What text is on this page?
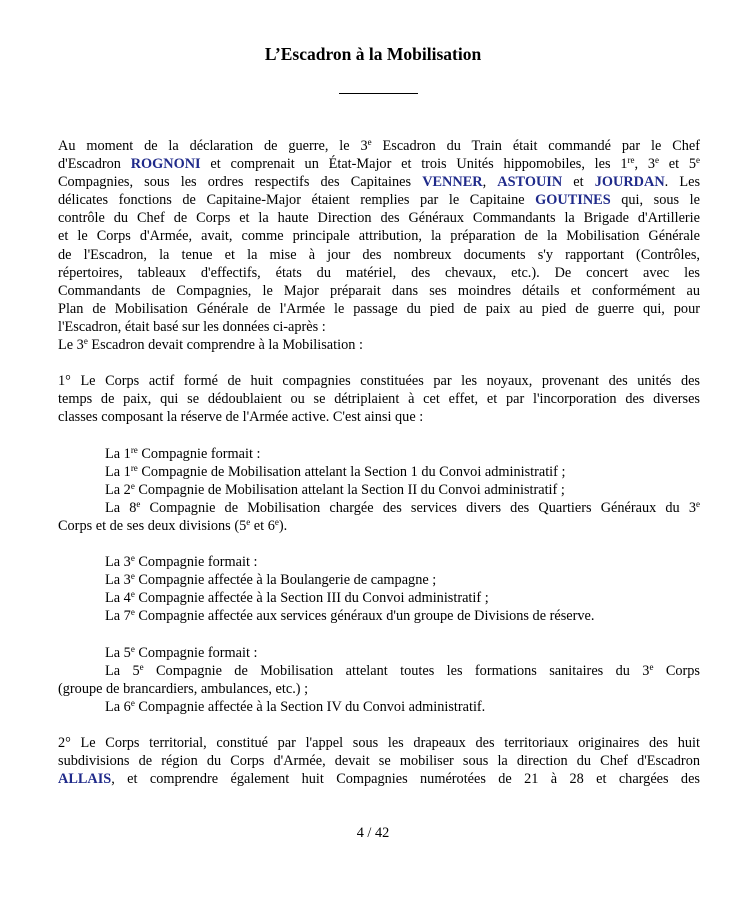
L’Escadron à la Mobilisation

Au moment de la déclaration de guerre, le 3e Escadron du Train était commandé par le Chef

d'Escadron ROGNONI et comprenait un État-Major et trois Unités hippomobiles, les 1re, 3e et 5e

Compagnies, sous les ordres respectifs des Capitaines VENNER, ASTOUIN et JOURDAN. Les

délicates fonctions de Capitaine-Major étaient remplies par le Capitaine GOUTINES qui, sous le

contrôle du Chef de Corps et la haute Direction des Généraux Commandants la Brigade d'Artillerie

et le Corps d'Armée, avait, comme principale attribution, la préparation de la Mobilisation Générale

de l'Escadron, la tenue et la mise à jour des nombreux documents s'y rapportant (Contrôles,

répertoires, tableaux d'effectifs, états du matériel, des chevaux, etc.). De concert avec les

Commandants de Compagnies, le Major préparait dans ses moindres détails et conformément au

Plan de Mobilisation Générale de l'Armée le passage du pied de paix au pied de guerre qui, pour

l'Escadron, était basé sur les données ci-après :

Le 3e Escadron devait comprendre à la Mobilisation :

1° Le Corps actif formé de huit compagnies constituées par les noyaux, provenant des unités des

temps de paix, qui se dédoublaient ou se détriplaient à cet effet, et par l'incorporation des diverses

classes composant la réserve de l'Armée active. C'est ainsi que :

La 1re Compagnie formait :

La 1re Compagnie de Mobilisation attelant la Section 1 du Convoi administratif ;

La 2e Compagnie de Mobilisation attelant la Section II du Convoi administratif ;

La 8e Compagnie de Mobilisation chargée des services divers des Quartiers Généraux du 3e

Corps et de ses deux divisions (5e et 6e).

La 3e Compagnie formait :

La 3e Compagnie affectée à la Boulangerie de campagne ;

La 4e Compagnie affectée à la Section III du Convoi administratif ;

La 7e Compagnie affectée aux services généraux d'un groupe de Divisions de réserve.

La 5e Compagnie formait :

La 5e Compagnie de Mobilisation attelant toutes les formations sanitaires du 3e Corps

(groupe de brancardiers, ambulances, etc.) ;

La 6e Compagnie affectée à la Section IV du Convoi administratif.

2° Le Corps territorial, constitué par l'appel sous les drapeaux des territoriaux originaires des huit

subdivisions de région du Corps d'Armée, devait se mobiliser sous la direction du Chef d'Escadron

ALLAIS, et comprendre également huit Compagnies numérotées de 21 à 28 et chargées des

4 / 42
